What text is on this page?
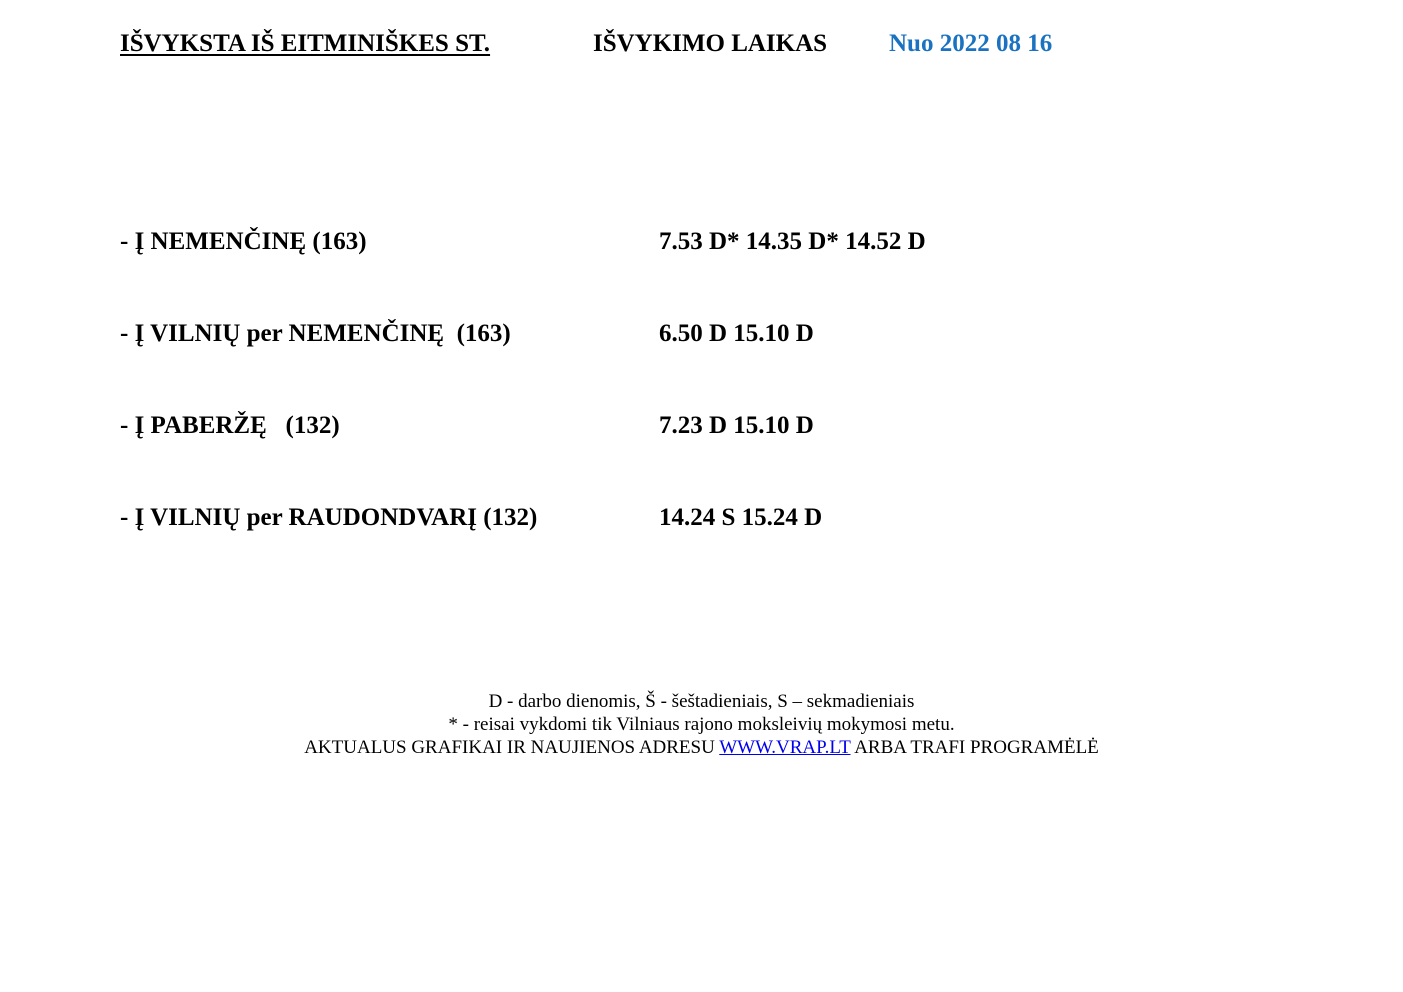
IŠVYKSTA IŠ EITMINIŠKES ST.	IŠVYKIMO LAIKAS Nuo 2022 08 16
- Į NEMENČINĘ (163)	7.53 D* 14.35 D* 14.52 D
- Į VILNIŲ per NEMENČINĘ  (163)	6.50 D 15.10 D
- Į PABERŽĘ   (132)	7.23 D 15.10 D
- Į VILNIŲ per RAUDONDVARĮ (132)	14.24 S 15.24 D
D - darbo dienomis, Š - šeštadieniais, S – sekmadieniais
* - reisai vykdomi tik Vilniaus rajono moksleivių mokymosi metu.
AKTUALUS GRAFIKAI IR NAUJIENOS ADRESU WWW.VRAP.LT ARBA TRAFI PROGRAMĖLĖ
